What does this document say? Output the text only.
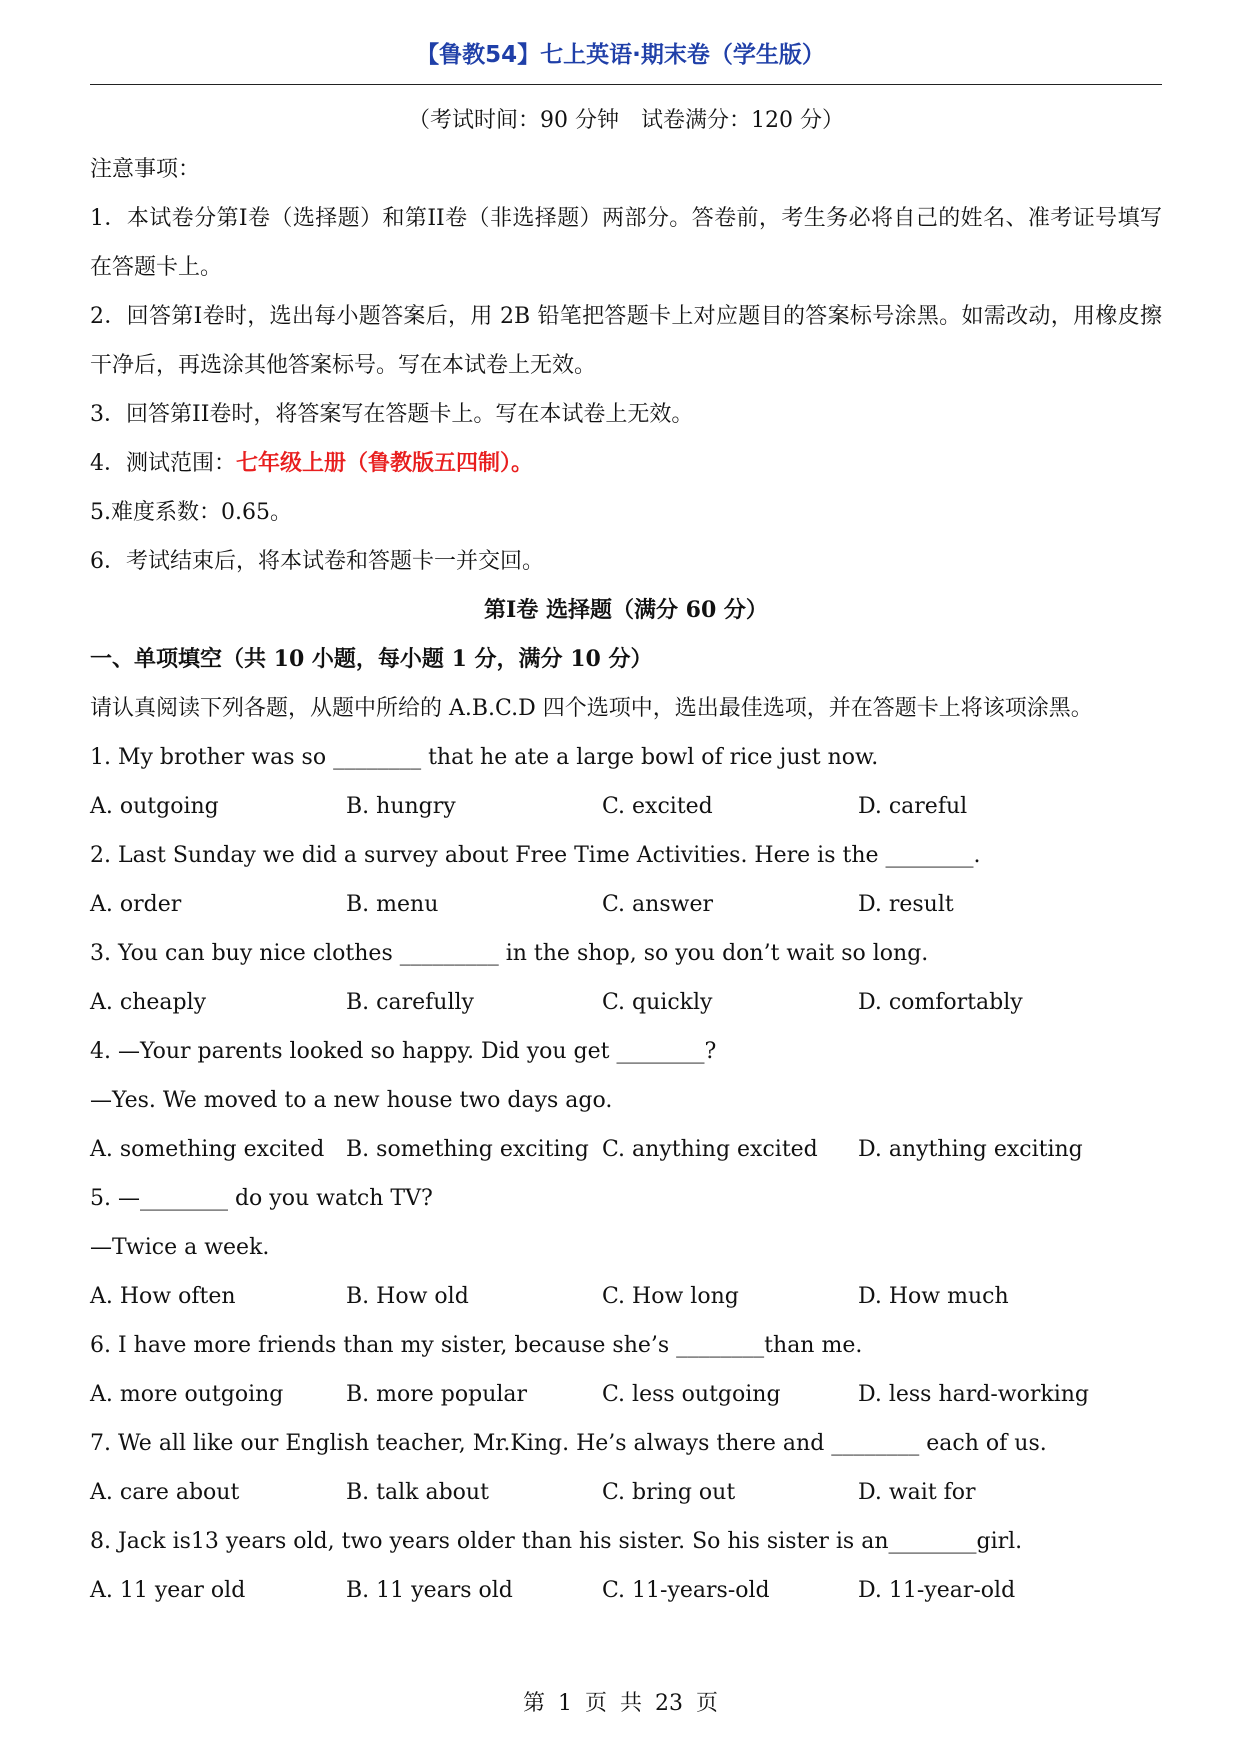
【鲁教54】七上英语·期末卷（学生版）
（考试时间：90 分钟　试卷满分：120 分）
注意事项：
1．本试卷分第I卷（选择题）和第II卷（非选择题）两部分。答卷前，考生务必将自己的姓名、准考证号填写在答题卡上。
2．回答第I卷时，选出每小题答案后，用 2B 铅笔把答题卡上对应题目的答案标号涂黑。如需改动，用橡皮擦干净后，再选涂其他答案标号。写在本试卷上无效。
3．回答第II卷时，将答案写在答题卡上。写在本试卷上无效。
4．测试范围：七年级上册（鲁教版五四制）。
5.难度系数：0.65。
6．考试结束后，将本试卷和答题卡一并交回。
第I卷 选择题（满分 60 分）
一、单项填空（共 10 小题，每小题 1 分，满分 10 分）
请认真阅读下列各题，从题中所给的 A.B.C.D 四个选项中，选出最佳选项，并在答题卡上将该项涂黑。
1. My brother was so ________ that he ate a large bowl of rice just now.
A. outgoing	B. hungry	C. excited	D. careful
2. Last Sunday we did a survey about Free Time Activities. Here is the ________.
A. order	B. menu	C. answer	D. result
3. You can buy nice clothes _________ in the shop, so you don’t wait so long.
A. cheaply	B. carefully	C. quickly	D. comfortably
4. —Your parents looked so happy. Did you get ________?
—Yes. We moved to a new house two days ago.
A. something excited B. something exciting C. anything excited	D. anything exciting
5. —________ do you watch TV?
—Twice a week.
A. How often	B. How old	C. How long	D. How much
6. I have more friends than my sister, because she’s ________than me.
A. more outgoing	B. more popular	C. less outgoing	D. less hard-working
7. We all like our English teacher, Mr.King. He’s always there and ________ each of us.
A. care about	B. talk about	C. bring out	D. wait for
8. Jack is13 years old, two years older than his sister. So his sister is an________girl.
A. 11 year old	B. 11 years old	C. 11-years-old	D. 11-year-old
第 1 页 共 23 页
